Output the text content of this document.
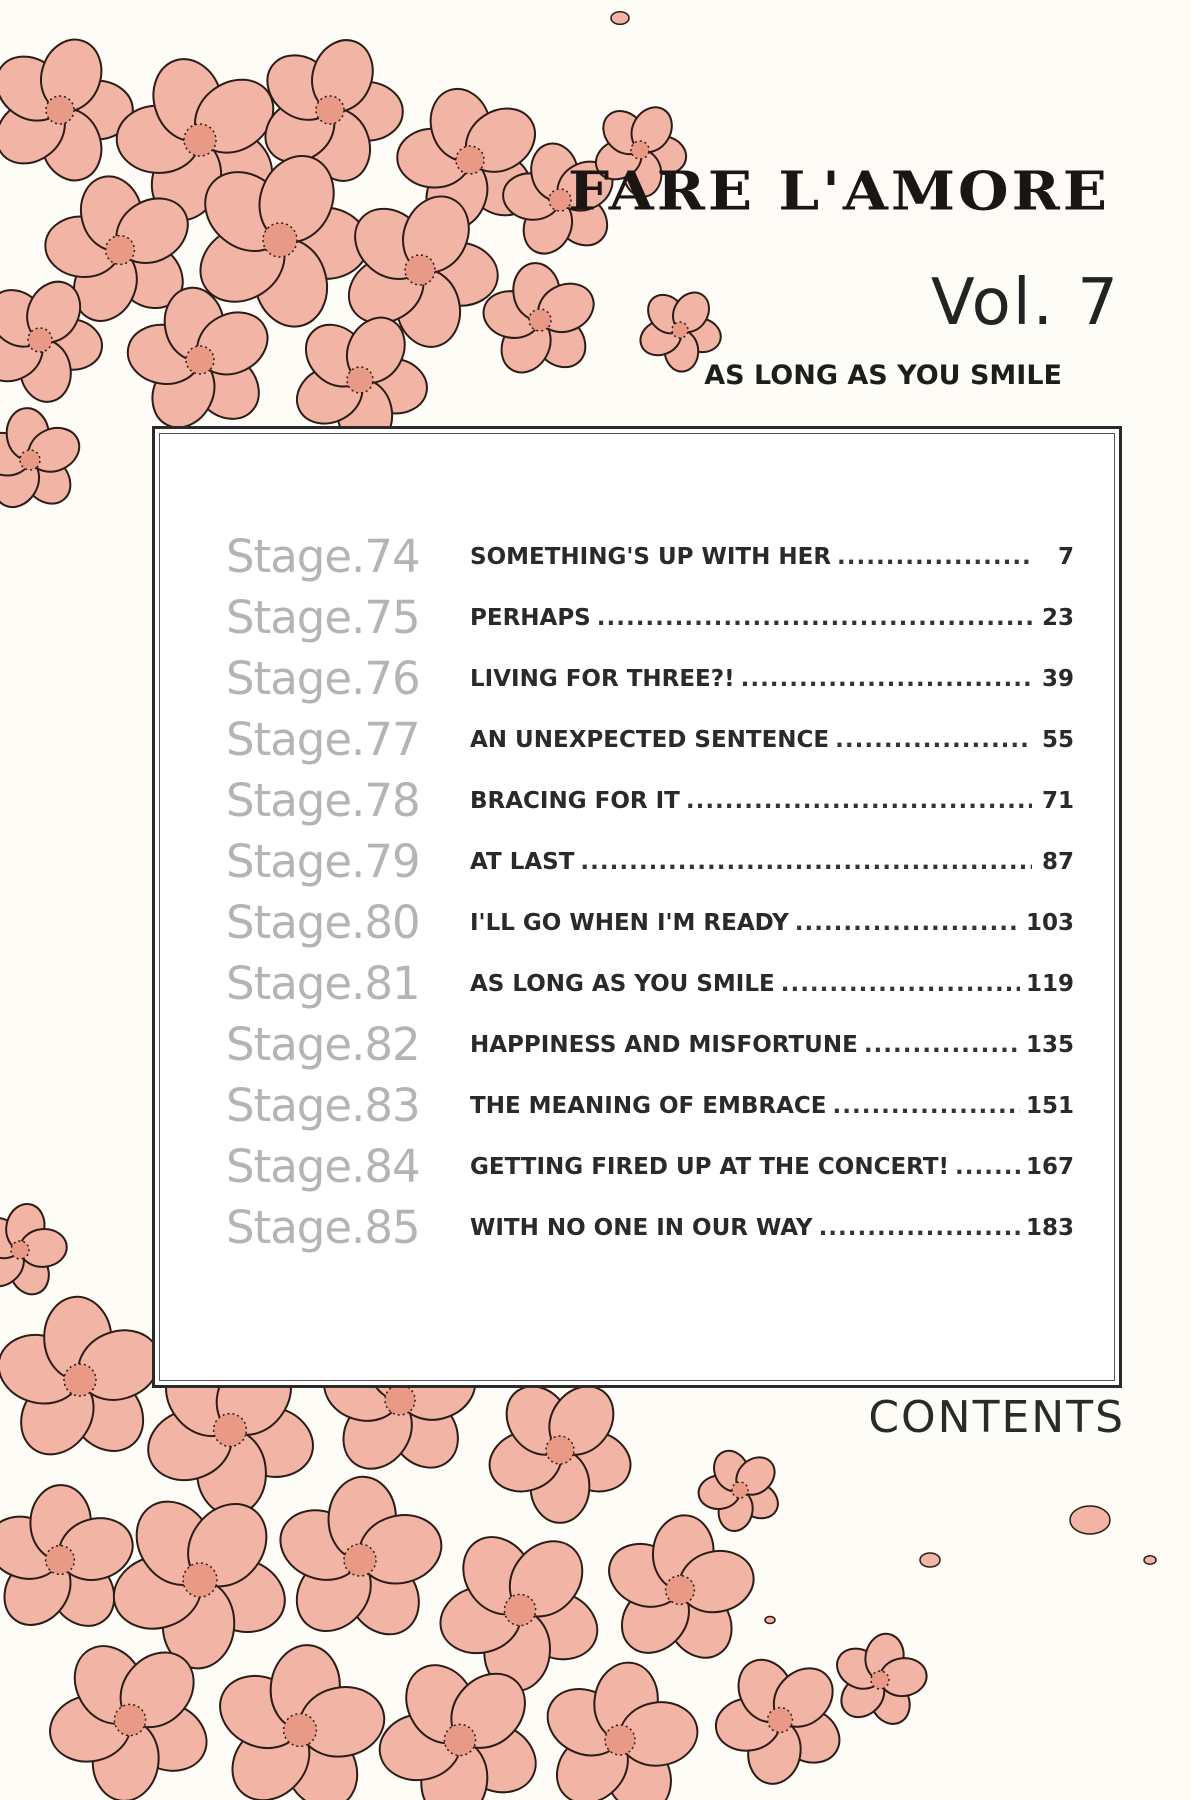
FARE L'AMORE
Vol. 7
AS LONG AS YOU SMILE
Stage.74	SOMETHING'S UP WITH HER .....	7
Stage.75	PERHAPS .....	23
Stage.76	LIVING FOR THREE?! .....	39
Stage.77	AN UNEXPECTED SENTENCE .....	55
Stage.78	BRACING FOR IT .....	71
Stage.79	AT LAST .....	87
Stage.80	I'LL GO WHEN I'M READY .....	103
Stage.81	AS LONG AS YOU SMILE .....	119
Stage.82	HAPPINESS AND MISFORTUNE .....	135
Stage.83	THE MEANING OF EMBRACE .....	151
Stage.84	GETTING FIRED UP AT THE CONCERT! .....	167
Stage.85	WITH NO ONE IN OUR WAY .....	183
CONTENTS
